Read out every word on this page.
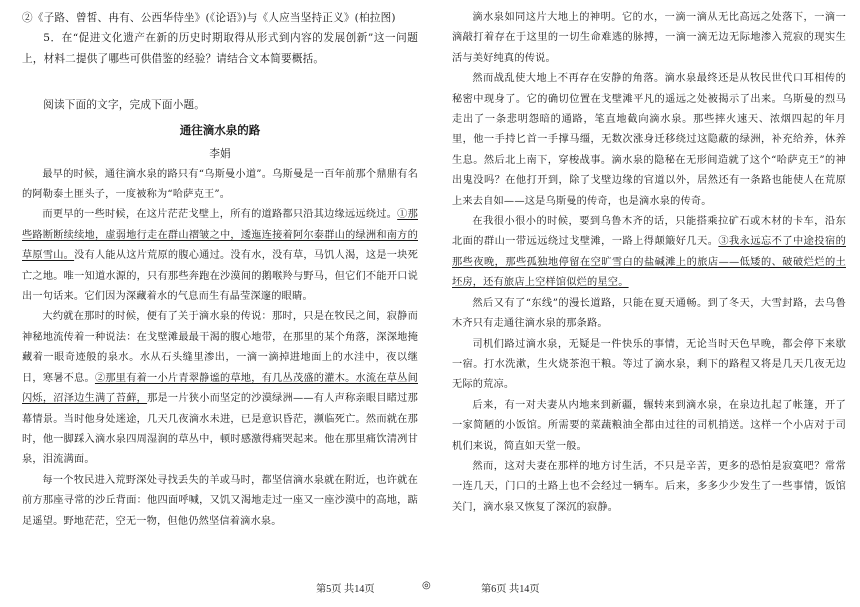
②《子路、曾皙、冉有、公西华侍坐》(《论语》)与《人应当坚持正义》(柏拉图)

5．在“促进文化遗产在新的历史时期取得从形式到内容的发展创新”这一问题上，材料二提供了哪些可供借鉴的经验？请结合文本简要概括。

阅读下面的文字，完成下面小题。

通往滴水泉的路

李娟

最早的时候，通往滴水泉的路只有“乌斯曼小道”。乌斯曼是一百年前那个鼎鼎有名的阿勒泰土匪头子，一度被称为“哈萨克王”。

而更早的一些时候，在这片茫茫戈壁上，所有的道路都只沿其边缘远远绕过。①那些路断断续续地，虚弱地行走在群山褶皱之中，逶迤连接着阿尔泰群山的绿洲和南方的草原雪山。没有人能从这片荒原的腹心通过。没有水，没有草，马饥人渴，这是一块死亡之地。唯一知道水源的，只有那些奔跑在沙漠间的鹅喉羚与野马，但它们不能开口说出一句话来。它们因为深藏着水的气息而生有晶莹深邃的眼睛。

大约就在那时的时候，便有了关于滴水泉的传说：那时，只是在牧民之间，寂静而神秘地流传着一种说法：在戈壁滩最最干渴的腹心地带，在那里的某个角落，深深地掩藏着一眼奇迹般的泉水。水从石头缝里渗出，一滴一滴掉进地面上的水洼中，夜以继日，寒暑不息。②那里有着一小片青翠静谧的草地，有几丛茂盛的灌木。水流在草丛间闪烁，沼泽边生满了苔藓，那是一片狭小而坚定的沙漠绿洲——有人声称亲眼目睹过那幕情景。当时他身处迷途，几天几夜滴水未进，已是意识昏茫，濒临死亡。然而就在那时，他一脚踩入滴水泉四周湿润的草丛中，顿时感激得痛哭起来。他在那里痛饮清冽甘泉，泪流满面。

每一个牧民进入荒野深处寻找丢失的羊或马时，都坚信滴水泉就在附近，也许就在前方那座寻常的沙丘背面：他四面呼喊，又饥又渴地走过一座又一座沙漠中的高地，踮足遥望。野地茫茫，空无一物，但他仍然坚信着滴水泉。

滴水泉如同这片大地上的神明。它的水，一滴一滴从无比高远之处落下，一滴一滴敲打着存在于这里的一切生命难逃的脉搏，一滴一滴无边无际地渗入荒寂的现实生活与美好纯真的传说。

然而战乱使大地上不再存在安静的角落。滴水泉最终还是从牧民世代口耳相传的秘密中现身了。它的确切位置在戈壁滩平凡的遥远之处被揭示了出来。乌斯曼的烈马走出了一条悲明怨暗的通路，笔直地截向滴水泉。那些摔火速天、浓烟四起的年月里，他一手持匕首一手撑马缰，无数次涨身迁移绕过这隐蔽的绿洲，补充给养，休养生息。然后北上南下，穿梭战事。滴水泉的隐秘在无形间造就了这个“哈萨克王”的神出鬼没吗？在他打开到，除了戈壁边缘的官道以外，居然还有一条路也能使人在荒原上来去自如——这是乌斯曼的传奇，也是滴水泉的传奇。

在我很小很小的时候，要到乌鲁木齐的话，只能搭乘拉矿石或木材的卡车，沿东北面的群山一带远远绕过戈壁滩，一路上得颠簸好几天。③我永远忘不了中途投宿的那些夜晚，那些孤独地停留在空旷雪白的盐碱滩上的旅店——低矮的、破破烂烂的土坯房，还有旅店上空样馆似烂的星空。

然后又有了“东线”的漫长道路，只能在夏天通畅。到了冬天，大雪封路，去乌鲁木齐只有走通往滴水泉的那条路。

司机们路过滴水泉，无疑是一件快乐的事情，无论当时天色早晚，都会停下来歇一宿。打水洗漱，生火烧茶泡干粮。等过了滴水泉，剩下的路程又将是几天几夜无边无际的荒凉。

后来，有一对夫妻从内地来到新疆，辗转来到滴水泉，在泉边扎起了帐篷，开了一家简陋的小饭馆。所需要的菜蔬粮油全都由过往的司机捎送。这样一个小店对于司机们来说，简直如天堂一般。

然而，这对夫妻在那样的地方讨生活，不只是辛苦，更多的恐怕是寂寞吧？常常一连几天，门口的土路上也不会经过一辆车。后来，多多少少发生了一些事情，饭馆关门，滴水泉又恢复了深沉的寂静。

第5页 共14页	◎	第6页 共14页
